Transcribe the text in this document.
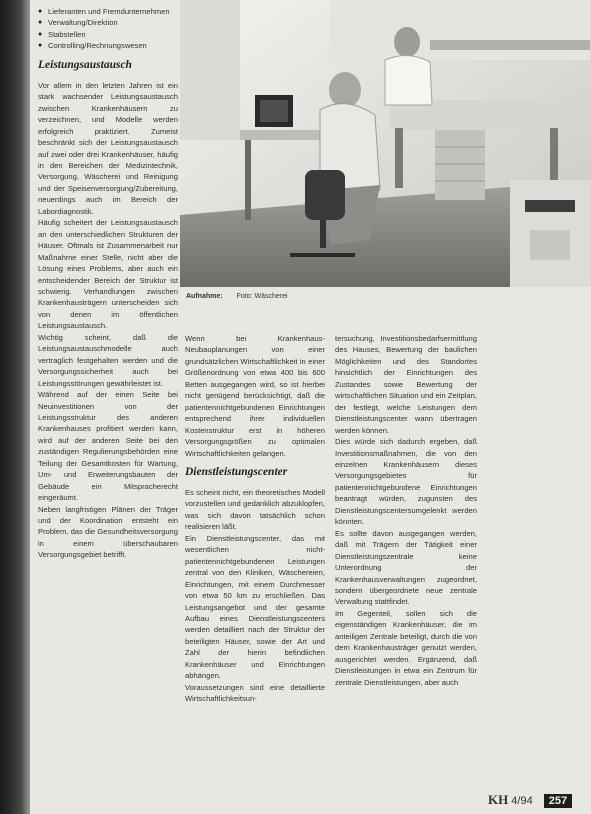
● Lieferanten und Fremdunternehmen
● Verwaltung/Direktion
● Stabstellen
● Controlling/Rechnungswesen
Leistungsaustausch

Vor allem in den letzten Jahren ist ein stark wachsender Leistungsaustausch zwischen Krankenhäusern zu verzeichnen, und Modelle werden erfolgreich praktiziert. Zumeist beschränkt sich der Leistungsaustausch auf zwei oder drei Krankenhäuser, häufig in den Bereichen der Medizintechnik, Versorgung, Wäscherei und Reinigung und der Speisenversorgung/Zubereitung, neuerdings auch im Bereich der Labordiagnostik.

Häufig scheitert der Leistungsaustausch an den unterschiedlichen Strukturen der Häuser. Oftmals ist Zusammenarbeit nur Maßnahme einer Stelle, nicht aber die Lösung eines Problems, aber auch ein entscheidender Bereich der Struktur ist schwierig. Verhandlungen zwischen Krankenhausträgern unterscheiden sich von denen im öffentlichen Leistungsaustausch.

Wichtig scheint, daß die Leistungsaustauschmodelle auch vertraglich festgehalten werden und die Versorgungssicherheit auch bei Leistungsstörungen gewährleistet ist.

Während auf der einen Seite bei Neuinvestitionen von der Leistungsstruktur des anderen Krankenhauses profitiert werden kann, wird auf der anderen Seite bei den zuständigen Regulierungsbehörden eine Teilung der Gesamtkosten für Wartung, Um- und Erweiterungsbauten der Gebäude ein Mitspracherecht eingeräumt.

Neben langfristigen Plänen der Träger und der Koordination entsteht ein Problem, das die Gesundheitsversorgung in einem überschaubaren Versorgungsgebiet betrifft.

Aufnahme: Foto: Wäscherei

Wenn bei Krankenhaus-Neubauplanungen von einer grundsätzlichen Wirtschaftlichkeit in einer Größenordnung von etwa 400 bis 600 Betten ausgegangen wird, so ist hierbei nicht genügend berücksichtigt, daß die patientennichtgebundenen Einrichtungen entsprechend ihrer individuellen Kostenstruktur erst in höheren Versorgungsgrößen zu optimalen Wirtschaftlichkeiten gelangen.

Dienstleistungscenter

Es scheint nicht, ein theoretisches Modell vorzustellen und gedanklich abzuklopfen, was sich davon tatsächlich schon realisieren läßt.

Ein Dienstleistungscenter, das mit wesentlichen nicht-patientennichtgebundenen Leistungen zentral von den Kliniken, Wäschereien, Einrichtungen, mit einem Durchmesser von etwa 50 km zu erschließen. Das Leistungsangebot und der gesamte Aufbau eines Dienstleistungscenters werden detailliert nach der Struktur der beteiligten Häuser, sowie der Art und Zahl der hierin befindlichen Krankenhäuser und Einrichtungen abhängen.

Voraussetzungen sind eine detaillierte Wirtschaftlichkeitsun-

tersuchung, Investitionsbedarfsermittlung des Hauses, Bewertung der baulichen Möglichkeiten und des Standortes hinsichtlich der Einrichtungen des Zustandes sowie Bewertung der wirtschaftlichen Situation und ein Zeitplan, der festlegt, welche Leistungen dem Dienstleistungscenter wann übertragen werden können.

Dies würde sich dadurch ergeben, daß Investitionsmaßnahmen, die von den einzelnen Krankenhäusern dieses Versorgungsgebietes für patientennichtgebundene Einrichtungen beantragt würden, zugunsten des Dienstleistungscentersumgelenkt werden könnten.

Es sollte davon ausgegangen werden, daß mit Trägern der Tätigkeit einer Dienstleistungszentrale keine Unterordnung der Krankenhausverwaltungen zugeordnet, sondern übergeordnete neue zentrale Verwaltung stattfindet.

Im Gegenteil, sollen sich die eigenständigen Krankenhäuser, die im anteiligen Zentrale beteiligt, durch die von dem Krankenhausträger genutzt werden, ausgerichtet werden. Ergänzend, daß Dienstleistungen in etwa ein Zentrum für zentrale Dienstleistungen, aber auch

KH 4/94 257
